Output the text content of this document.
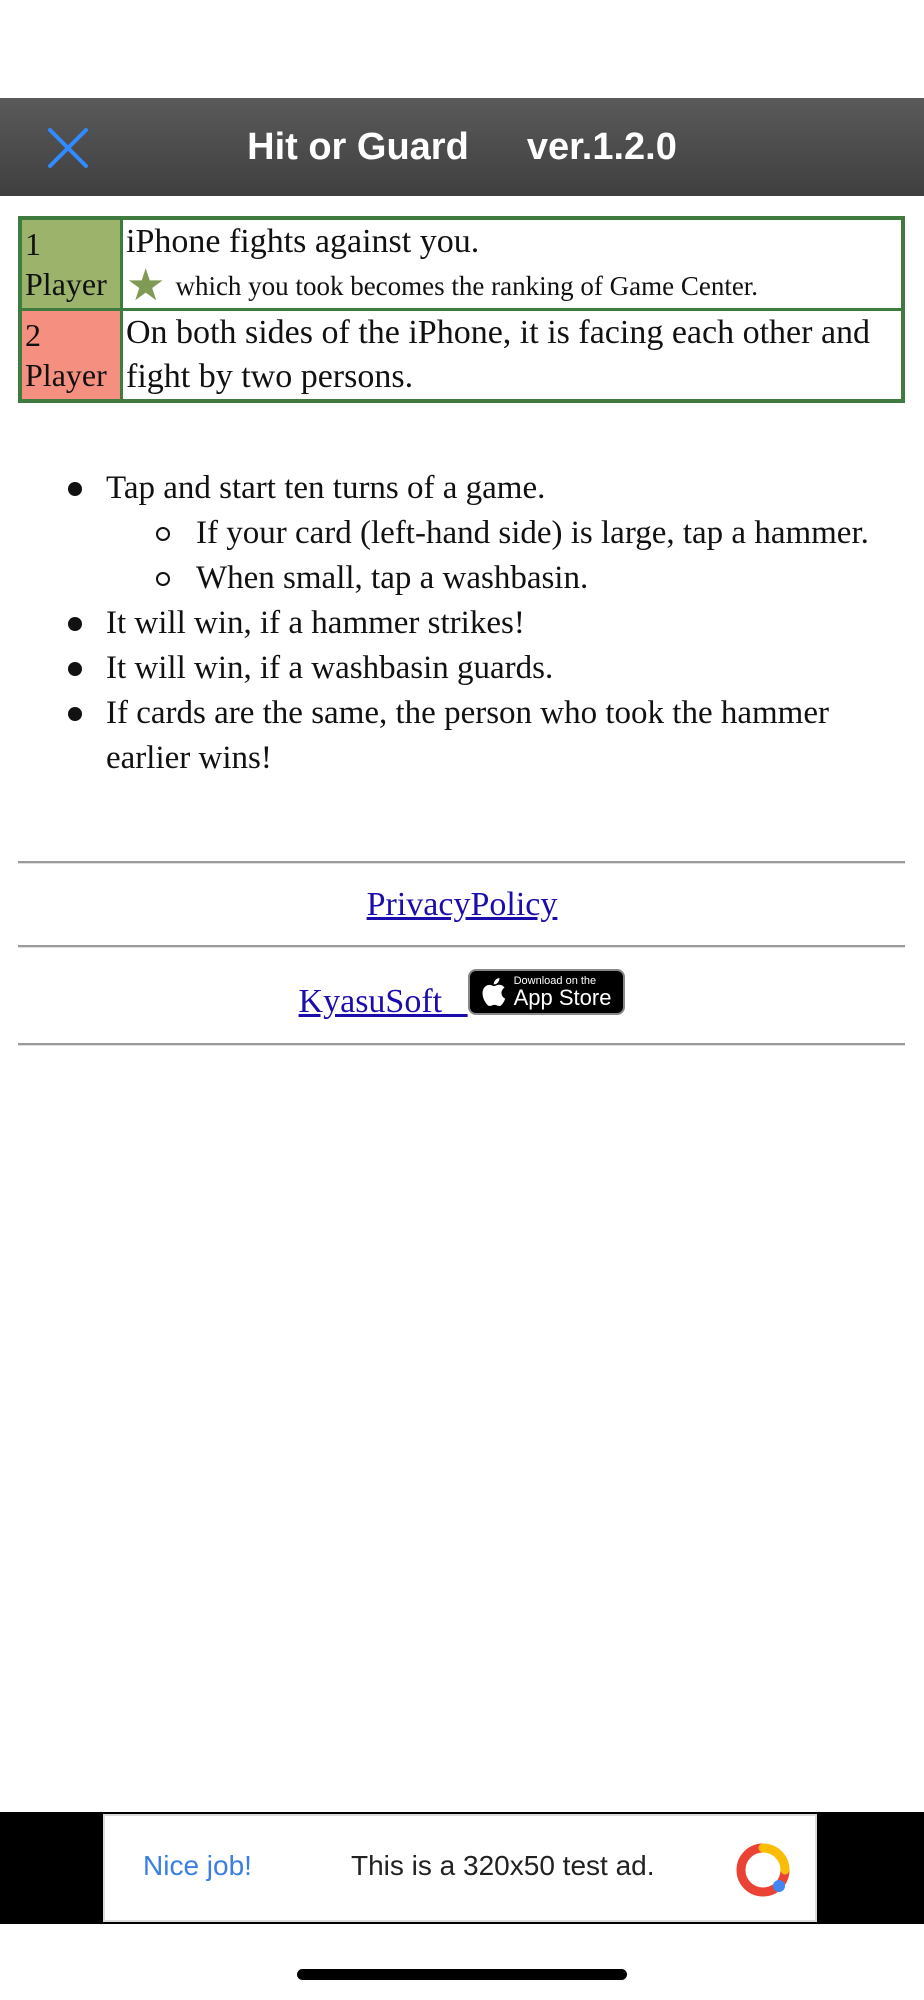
Hit or Guard ver.1.2.0
1
Player	iPhone fights against you.
★ which you took becomes the ranking of Game Center.

2
Player	On both sides of the iPhone, it is facing each other and fight by two persons.
Tap and start ten turns of a game.
If your card (left-hand side) is large, tap a hammer.
When small, tap a washbasin.
It will win, if a hammer strikes!
It will win, if a washbasin guards.
If cards are the same, the person who took the hammer earlier wins!
PrivacyPolicy
KyasuSoft
Download on the
App Store
Nice job!	This is a 320x50 test ad.
